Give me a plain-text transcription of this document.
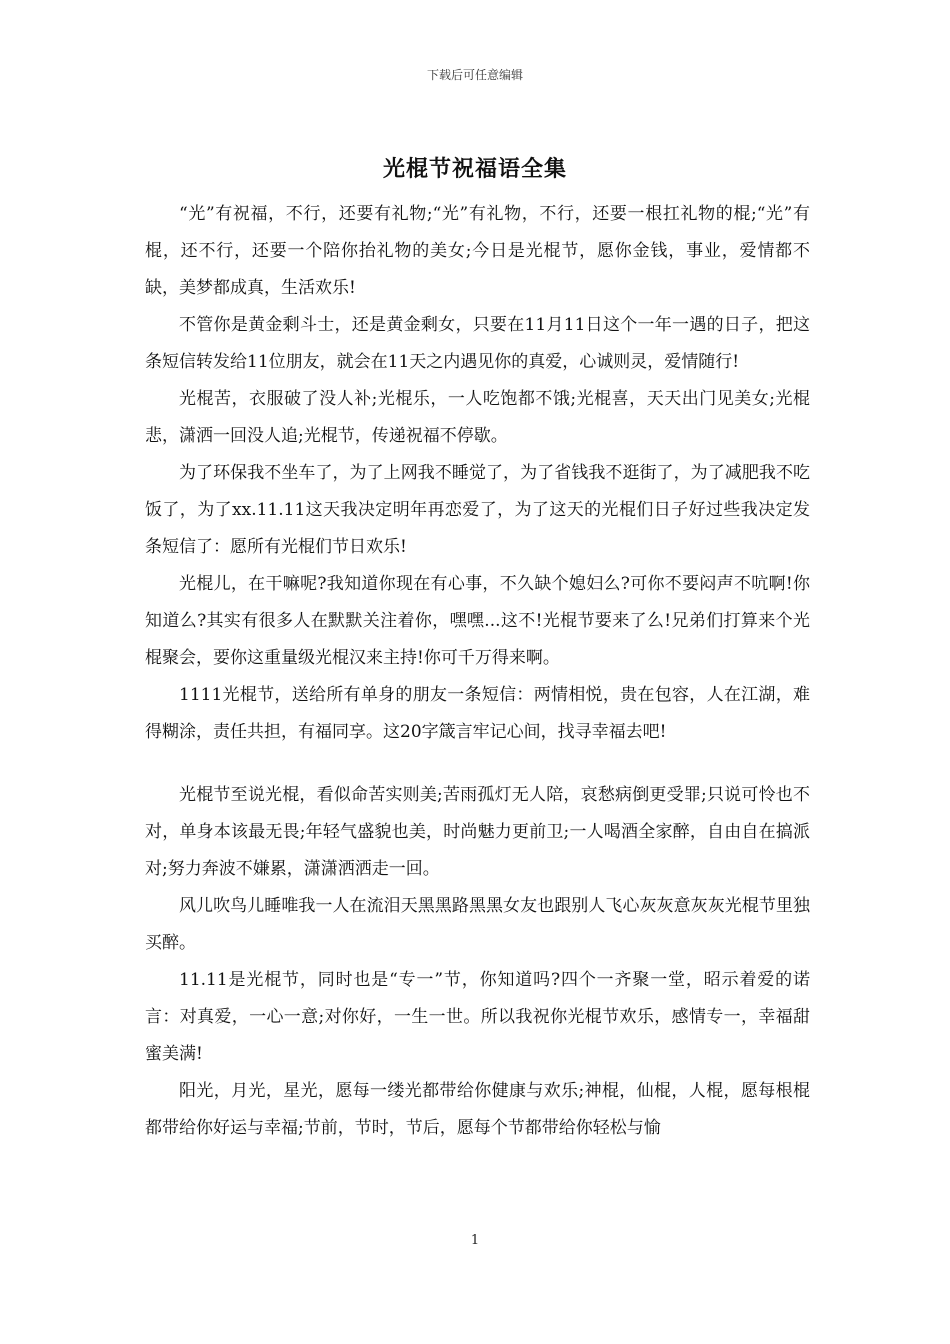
下载后可任意编辑
光棍节祝福语全集

“光”有祝福，不行，还要有礼物;“光”有礼物，不行，还要一根扛礼物的棍;“光”有棍，还不行，还要一个陪你抬礼物的美女;今日是光棍节，愿你金钱，事业，爱情都不缺，美梦都成真，生活欢乐!

不管你是黄金剩斗士，还是黄金剩女，只要在11月11日这个一年一遇的日子，把这条短信转发给11位朋友，就会在11天之内遇见你的真爱，心诚则灵，爱情随行!

光棍苦，衣服破了没人补;光棍乐，一人吃饱都不饿;光棍喜，天天出门见美女;光棍悲，潇洒一回没人追;光棍节，传递祝福不停歇。

为了环保我不坐车了，为了上网我不睡觉了，为了省钱我不逛街了，为了减肥我不吃饭了，为了xx.11.11这天我决定明年再恋爱了，为了这天的光棍们日子好过些我决定发条短信了：愿所有光棍们节日欢乐!

光棍儿，在干嘛呢?我知道你现在有心事，不久缺个媳妇么?可你不要闷声不吭啊!你知道么?其实有很多人在默默关注着你，嘿嘿...这不!光棍节要来了么!兄弟们打算来个光棍聚会，要你这重量级光棍汉来主持!你可千万得来啊。

1111光棍节，送给所有单身的朋友一条短信：两情相悦，贵在包容，人在江湖，难得糊涂，责任共担，有福同享。这20字箴言牢记心间，找寻幸福去吧!

光棍节至说光棍，看似命苦实则美;苦雨孤灯无人陪，哀愁病倒更受罪;只说可怜也不对，单身本该最无畏;年轻气盛貌也美，时尚魅力更前卫;一人喝酒全家醉，自由自在搞派对;努力奔波不嫌累，潇潇洒洒走一回。

风儿吹鸟儿睡唯我一人在流泪天黑黑路黑黑女友也跟别人飞心灰灰意灰灰光棍节里独买醉。

11.11是光棍节，同时也是“专一”节，你知道吗?四个一齐聚一堂，昭示着爱的诺言：对真爱，一心一意;对你好，一生一世。所以我祝你光棍节欢乐，感情专一，幸福甜蜜美满!

阳光，月光，星光，愿每一缕光都带给你健康与欢乐;神棍，仙棍，人棍，愿每根棍都带给你好运与幸福;节前，节时，节后，愿每个节都带给你轻松与愉

1
